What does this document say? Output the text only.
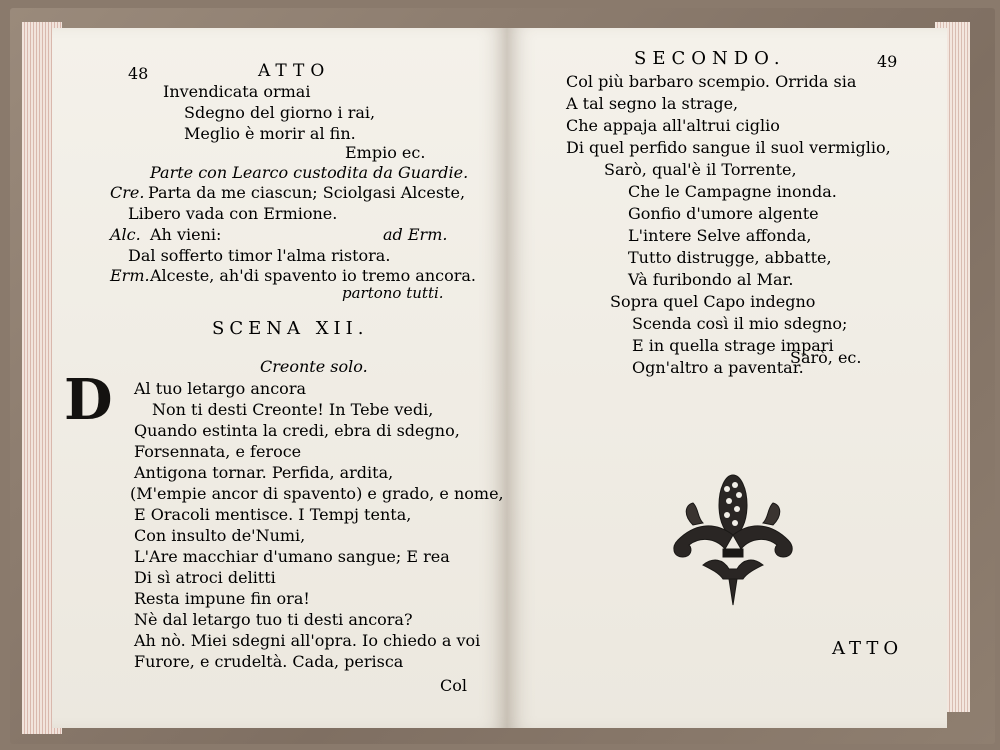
48	ATTO
Invendicata ormai
Sdegno del giorno i rai,
Meglio è morir al fin.
Empio ec.
Parte con Learco custodita da Guardie.
Cre. Parta da me ciascun; Sciolgasi Alceste,
Libero vada con Ermione.
Alc. Ah vieni:	ad Erm.
Dal sofferto timor l'alma ristora.
Erm. Alceste, ah'di spavento io tremo ancora.
partono tutti.
SCENA XII.
Creonte solo.
D Al tuo letargo ancora
Non ti desti Creonte! In Tebe vedi,
Quando estinta la credi, ebra di sdegno,
Forsennata, e feroce
Antigona tornar. Perfida, ardita,
(M'empie ancor di spavento) e grado, e nome,
E Oracoli mentisce. I Tempj tenta,
Con insulto de'Numi,
L'Are macchiar d'umano sangue; E rea
Di sì atroci delitti
Resta impune fin ora!
Nè dal letargo tuo ti desti ancora?
Ah nò. Miei sdegni all'opra. Io chiedo a voi
Furore, e crudeltà. Cada, perisca
Col
SECONDO.	49
Col più barbaro scempio. Orrida sia
A tal segno la strage,
Che appaja all'altrui ciglio
Di quel perfido sangue il suol vermiglio,
Sarò, qual'è il Torrente,
Che le Campagne inonda.
Gonfio d'umore algente
L'intere Selve affonda,
Tutto distrugge, abbatte,
Và furibondo al Mar.
Sopra quel Capo indegno
Scenda così il mio sdegno;
E in quella strage impari
Ogn'altro a paventar.
Sarò, ec.
ATTO
